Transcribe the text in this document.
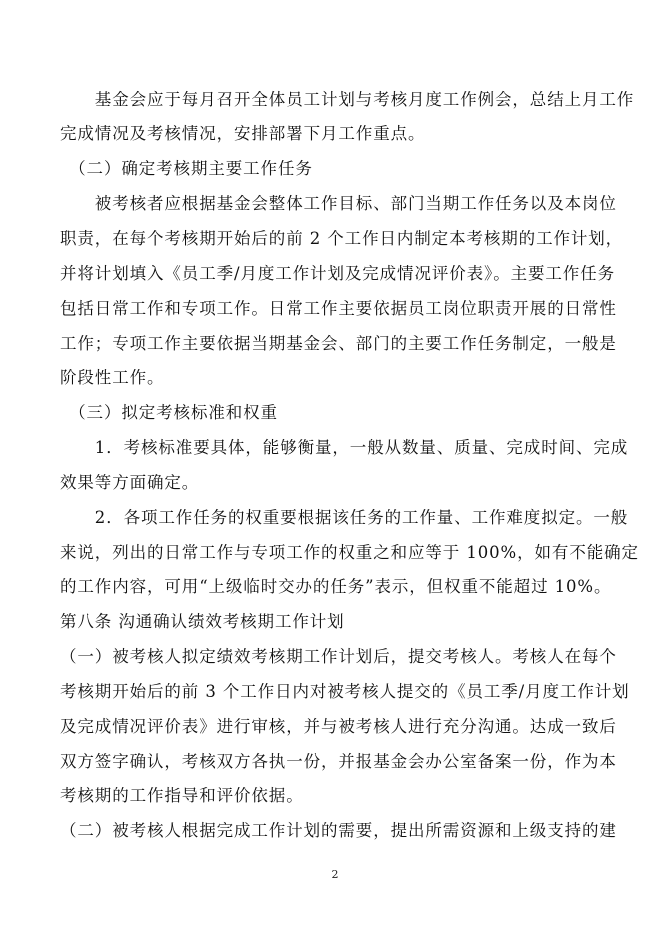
　　基金会应于每月召开全体员工计划与考核月度工作例会，总结上月工作
完成情况及考核情况，安排部署下月工作重点。
　（二）确定考核期主要工作任务
　　被考核者应根据基金会整体工作目标、部门当期工作任务以及本岗位
职责，在每个考核期开始后的前 2 个工作日内制定本考核期的工作计划，
并将计划填入《员工季/月度工作计划及完成情况评价表》。主要工作任务
包括日常工作和专项工作。日常工作主要依据员工岗位职责开展的日常性
工作；专项工作主要依据当期基金会、部门的主要工作任务制定，一般是
阶段性工作。
　（三）拟定考核标准和权重
　　1．考核标准要具体，能够衡量，一般从数量、质量、完成时间、完成
效果等方面确定。
　　2．各项工作任务的权重要根据该任务的工作量、工作难度拟定。一般
来说，列出的日常工作与专项工作的权重之和应等于 100%，如有不能确定
的工作内容，可用“上级临时交办的任务”表示，但权重不能超过 10%。
第八条 沟通确认绩效考核期工作计划
（一）被考核人拟定绩效考核期工作计划后，提交考核人。考核人在每个
考核期开始后的前 3 个工作日内对被考核人提交的《员工季/月度工作计划
及完成情况评价表》进行审核，并与被考核人进行充分沟通。达成一致后
双方签字确认，考核双方各执一份，并报基金会办公室备案一份，作为本
考核期的工作指导和评价依据。
（二）被考核人根据完成工作计划的需要，提出所需资源和上级支持的建
2
